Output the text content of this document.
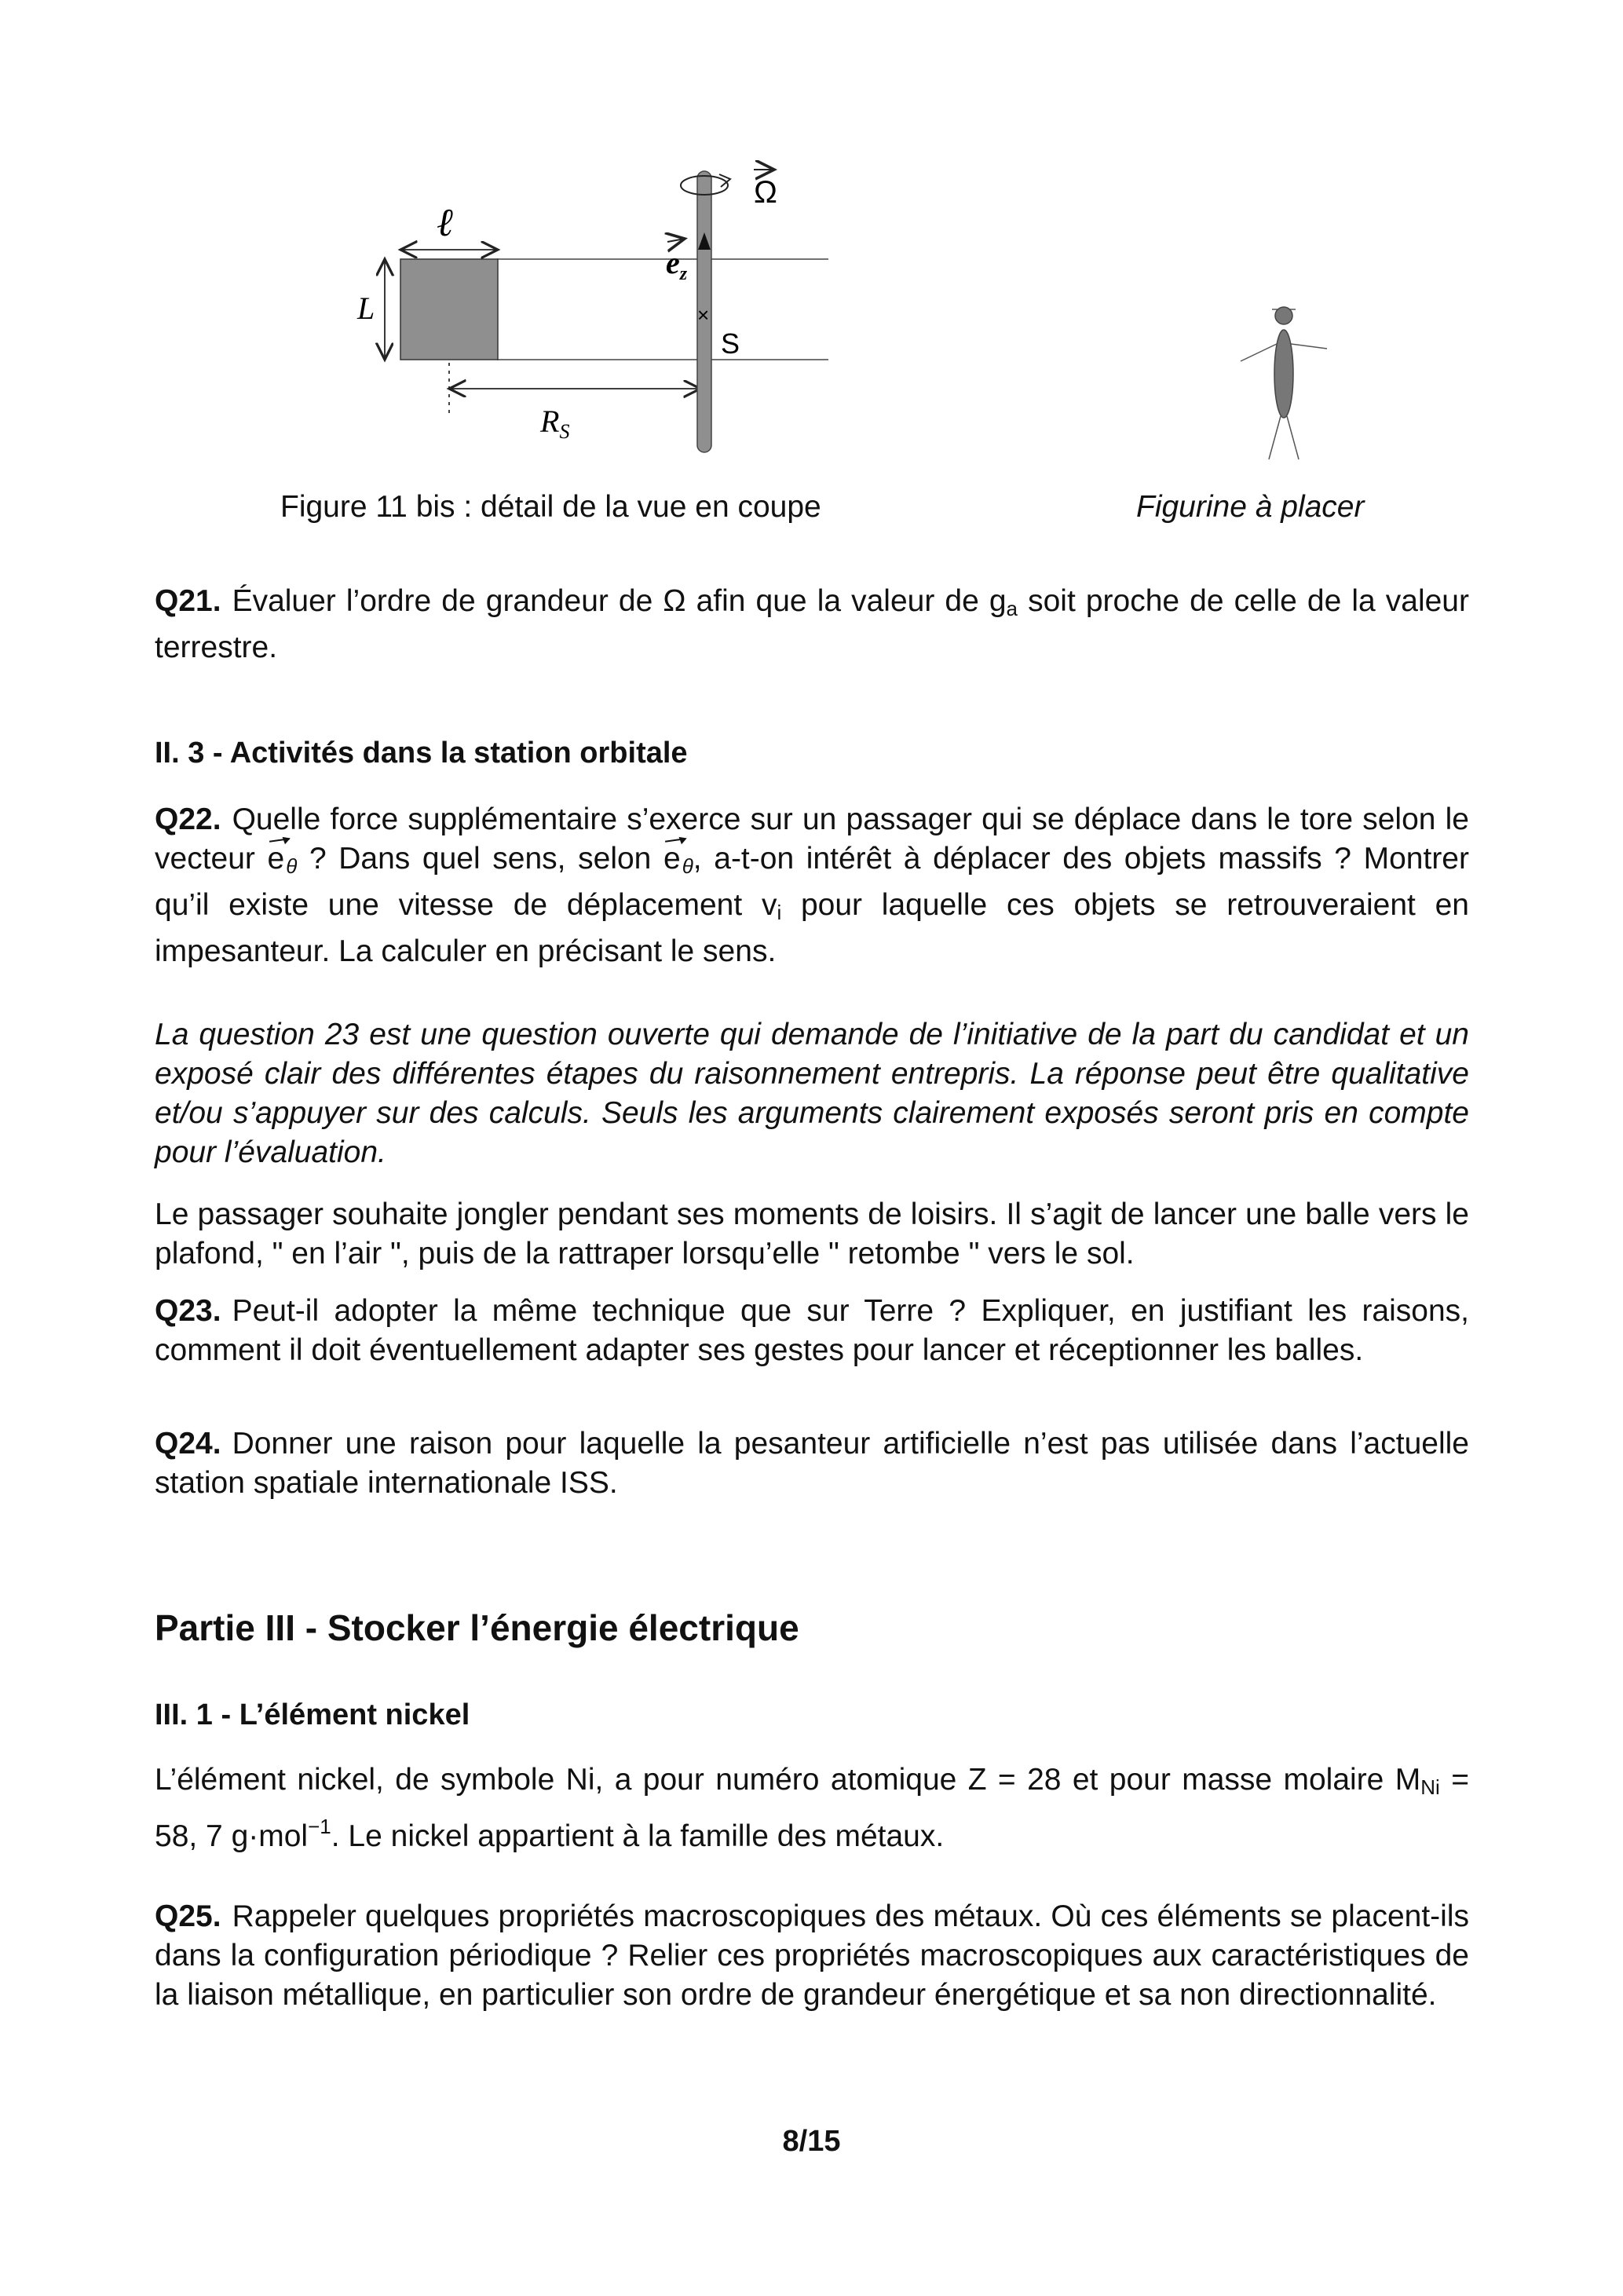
L
ℓ
$R_S$
Ω
$e_z$
×
S
Figure 11 bis : détail de la vue en coupe	Figurine à placer

Q21. Évaluer l’ordre de grandeur de Ω afin que la valeur de $g_a$ soit proche de celle de la valeur terrestre.

II. 3 - Activités dans la station orbitale

Q22. Quelle force supplémentaire s’exerce sur un passager qui se déplace dans le tore selon le vecteur eθ ? Dans quel sens, selon eθ, a-t-on intérêt à déplacer des objets massifs ? Montrer qu’il existe une vitesse de déplacement $v_i$ pour laquelle ces objets se retrouveraient en impesanteur. La calculer en précisant le sens.

La question 23 est une question ouverte qui demande de l’initiative de la part du candidat et un exposé clair des différentes étapes du raisonnement entrepris. La réponse peut être qualitative et/ou s’appuyer sur des calculs. Seuls les arguments clairement exposés seront pris en compte pour l’évaluation.
Le passager souhaite jongler pendant ses moments de loisirs. Il s’agit de lancer une balle vers le plafond, " en l’air ", puis de la rattraper lorsqu’elle " retombe " vers le sol.

Q23. Peut-il adopter la même technique que sur Terre ? Expliquer, en justifiant les raisons, comment il doit éventuellement adapter ses gestes pour lancer et réceptionner les balles.

Q24. Donner une raison pour laquelle la pesanteur artificielle n’est pas utilisée dans l’actuelle station spatiale internationale ISS.

Partie III - Stocker l’énergie électrique
III. 1 - L’élément nickel

L’élément nickel, de symbole Ni, a pour numéro atomique Z = 28 et pour masse molaire $M_{Ni} = 58$, 7 g·mol$^{-1}$. Le nickel appartient à la famille des métaux.

Q25. Rappeler quelques propriétés macroscopiques des métaux. Où ces éléments se placent-ils dans la configuration périodique ? Relier ces propriétés macroscopiques aux caractéristiques de la liaison métallique, en particulier son ordre de grandeur énergétique et sa non directionnalité.

8/15
